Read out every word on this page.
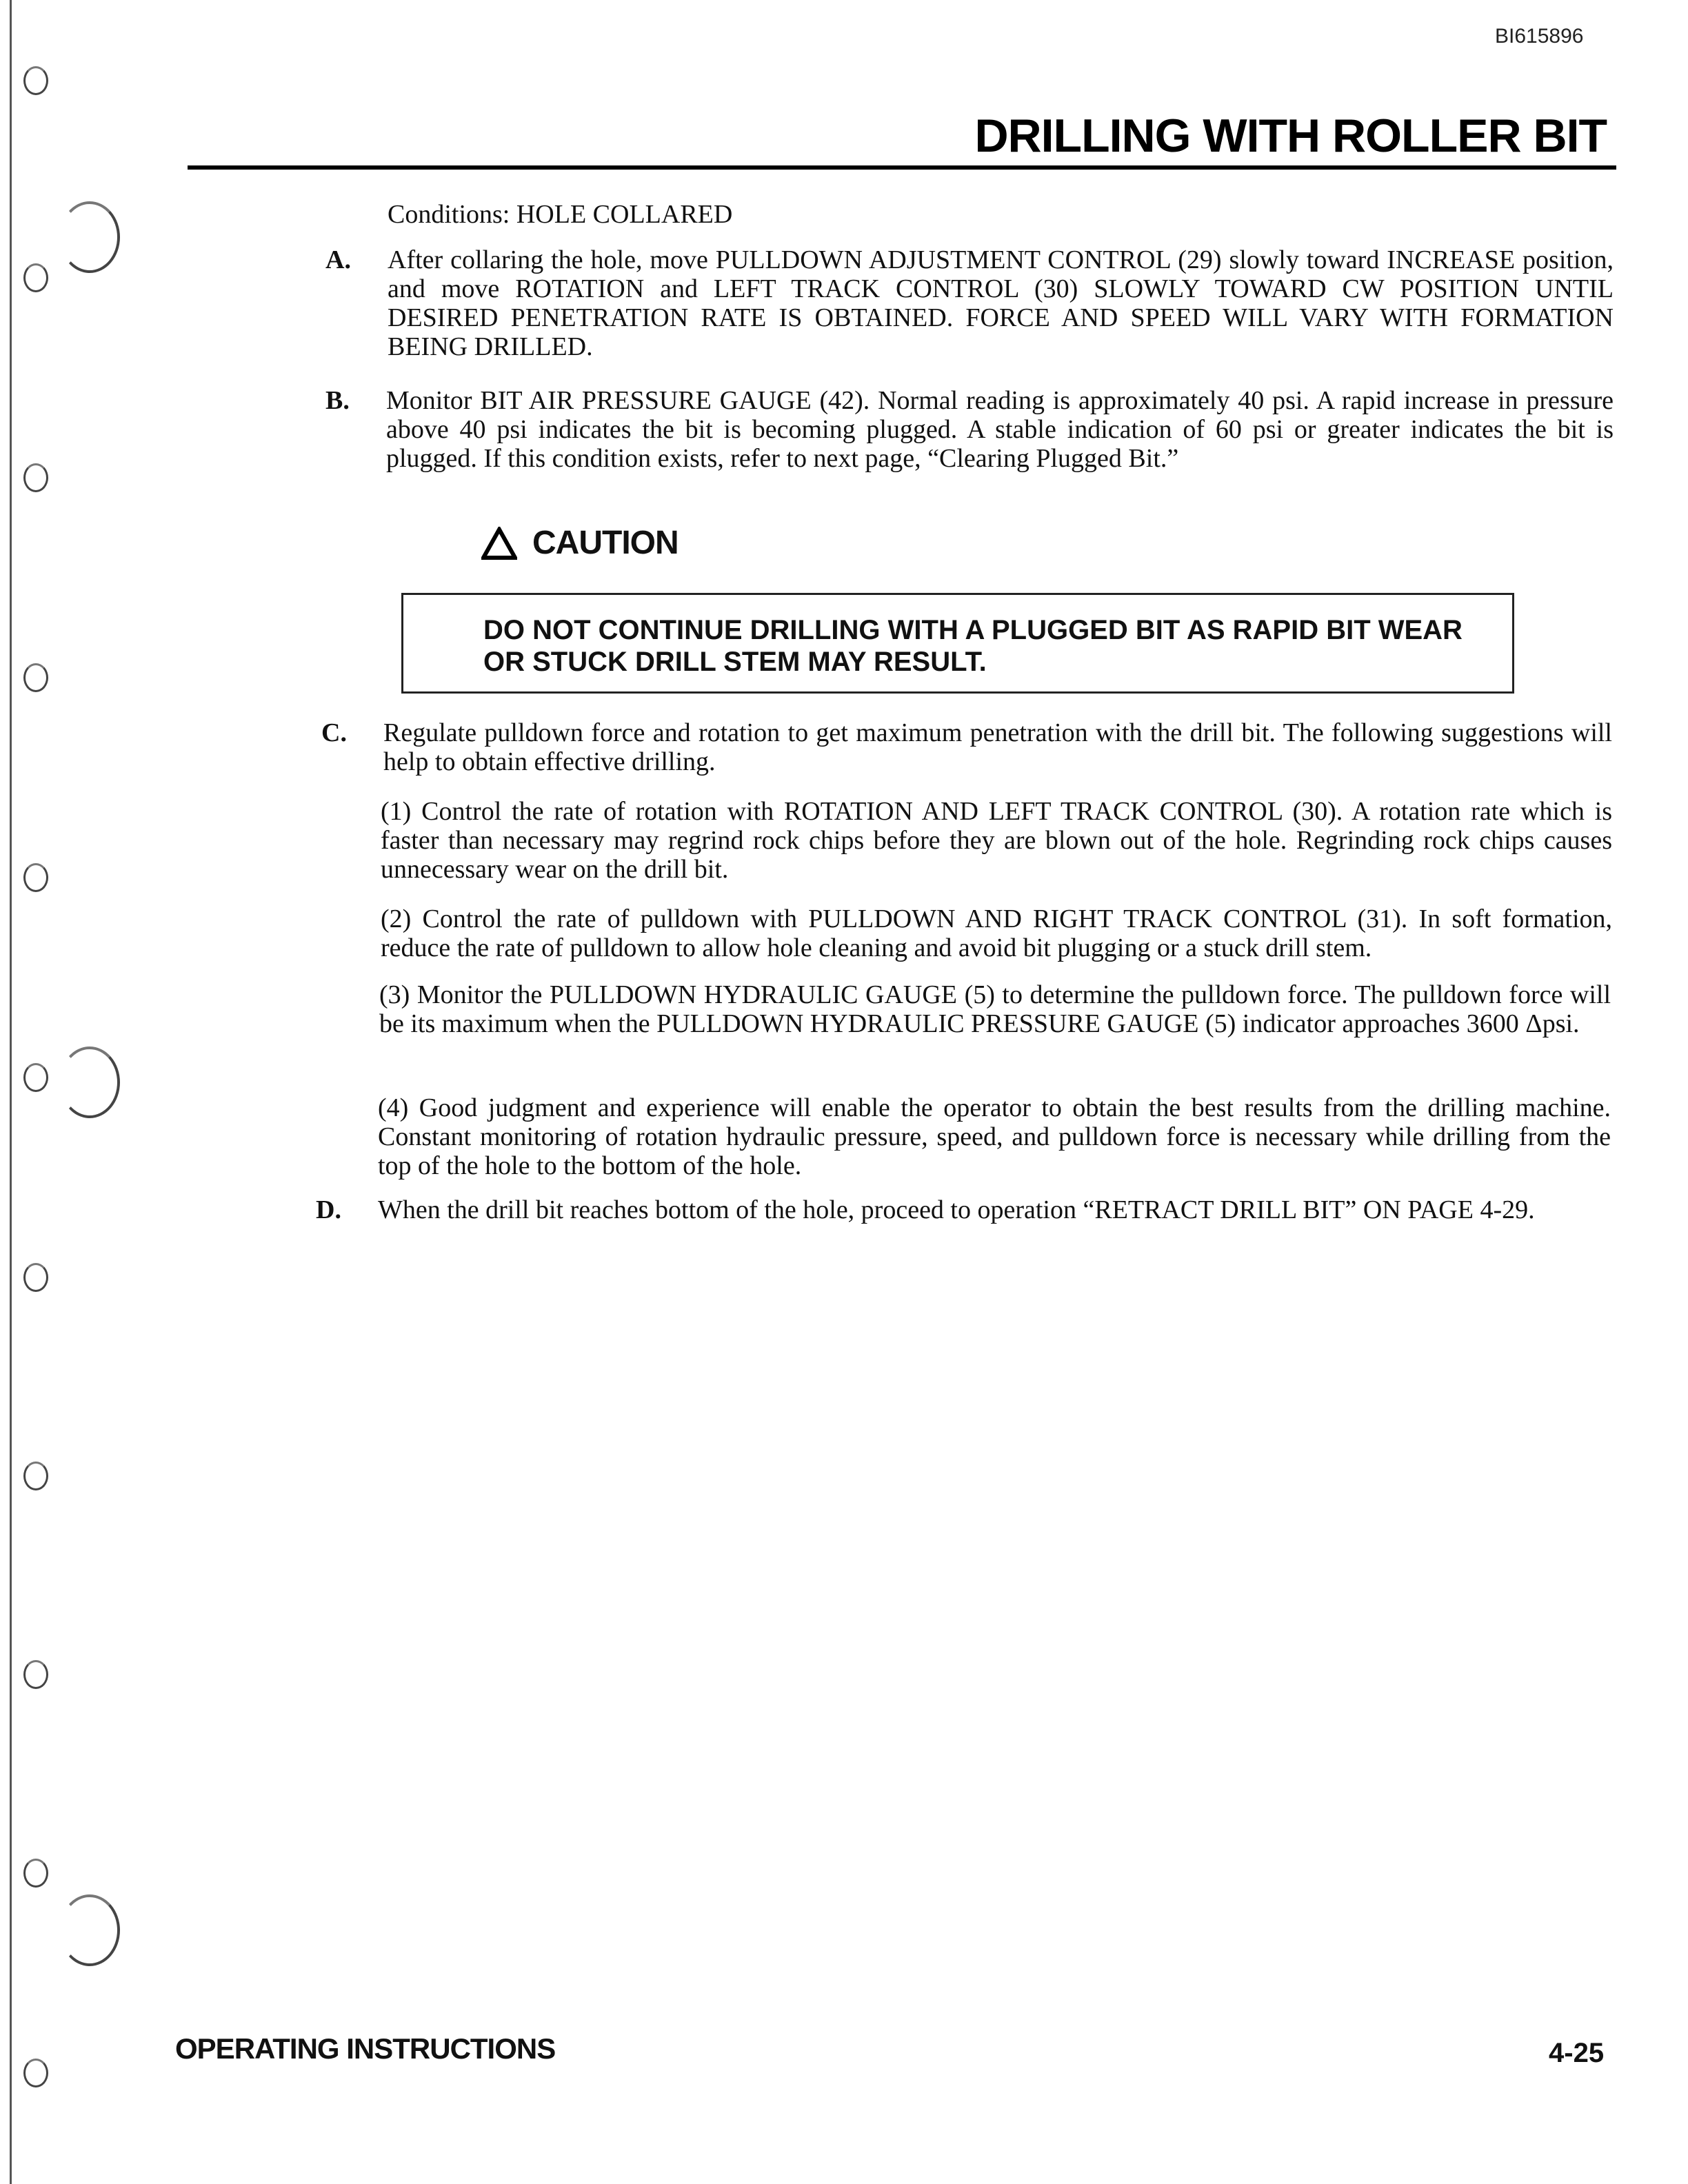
BI615896
DRILLING WITH ROLLER BIT

Conditions: HOLE COLLARED

A. After collaring the hole, move PULLDOWN ADJUSTMENT CONTROL (29) slowly toward INCREASE position, and move ROTATION and LEFT TRACK CONTROL (30) SLOWLY TOWARD CW POSITION UNTIL DESIRED PENETRATION RATE IS OBTAINED. FORCE AND SPEED WILL VARY WITH FORMATION BEING DRILLED.

B. Monitor BIT AIR PRESSURE GAUGE (42). Normal reading is approximately 40 psi. A rapid increase in pressure above 40 psi indicates the bit is becoming plugged. A stable indication of 60 psi or greater indicates the bit is plugged. If this condition exists, refer to next page, “Clearing Plugged Bit.”

CAUTION

DO NOT CONTINUE DRILLING WITH A PLUGGED BIT AS RAPID BIT WEAR OR STUCK DRILL STEM MAY RESULT.

C. Regulate pulldown force and rotation to get maximum penetration with the drill bit. The following suggestions will help to obtain effective drilling.

(1) Control the rate of rotation with ROTATION AND LEFT TRACK CONTROL (30). A rotation rate which is faster than necessary may regrind rock chips before they are blown out of the hole. Regrinding rock chips causes unnecessary wear on the drill bit.

(2) Control the rate of pulldown with PULLDOWN AND RIGHT TRACK CONTROL (31). In soft formation, reduce the rate of pulldown to allow hole cleaning and avoid bit plugging or a stuck drill stem.

(3) Monitor the PULLDOWN HYDRAULIC GAUGE (5) to determine the pulldown force. The pulldown force will be its maximum when the PULLDOWN HYDRAULIC PRESSURE GAUGE (5) indicator approaches 3600 Δpsi.

(4) Good judgment and experience will enable the operator to obtain the best results from the drilling machine. Constant monitoring of rotation hydraulic pressure, speed, and pulldown force is necessary while drilling from the top of the hole to the bottom of the hole.

D. When the drill bit reaches bottom of the hole, proceed to operation “RETRACT DRILL BIT” ON PAGE 4-29.

OPERATING INSTRUCTIONS	4-25
